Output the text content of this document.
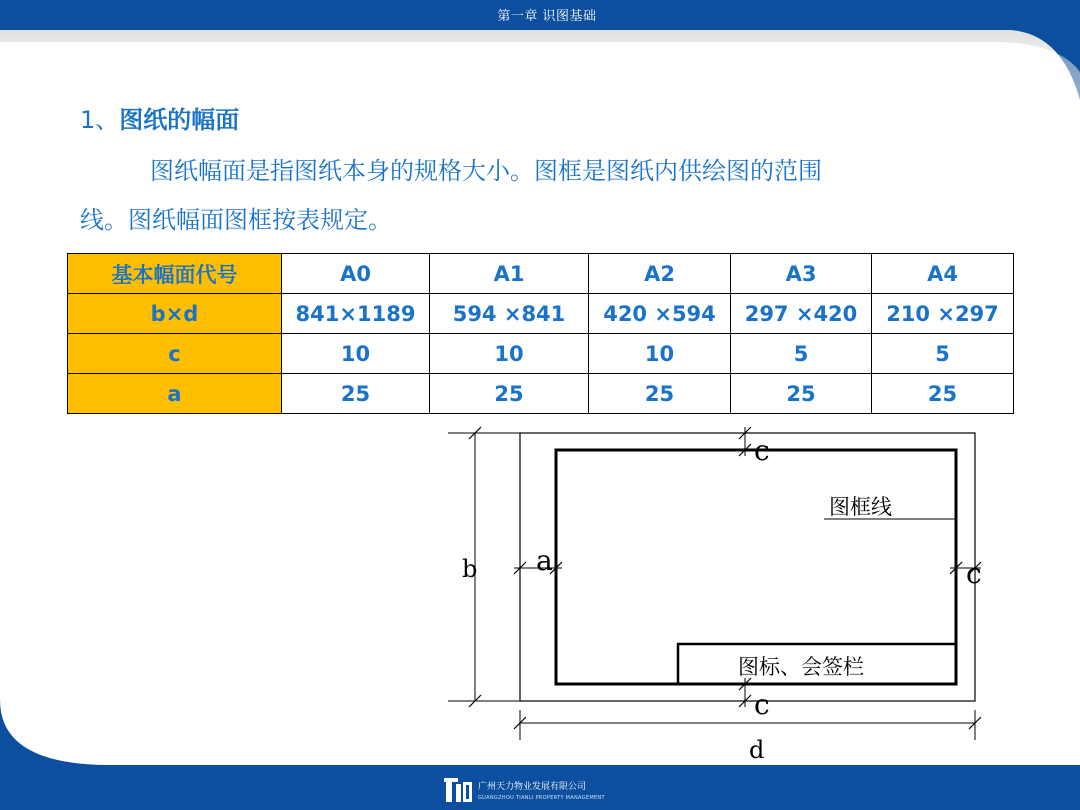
第一章 识图基础
1、图纸的幅面
图纸幅面是指图纸本身的规格大小。图框是图纸内供绘图的范围
线。图纸幅面图框按表规定。
基本幅面代号	A0	A1	A2	A3	A4
b×d	841×1189	594 ×841	420 ×594	297 ×420	210 ×297
c	10	10	10	5	5
a	25	25	25	25	25
c
c
c
a
b
d
图框线
图标、会签栏
广州天力物业发展有限公司
GUANGZHOU TIANLI PROPERTY MANAGEMENT
